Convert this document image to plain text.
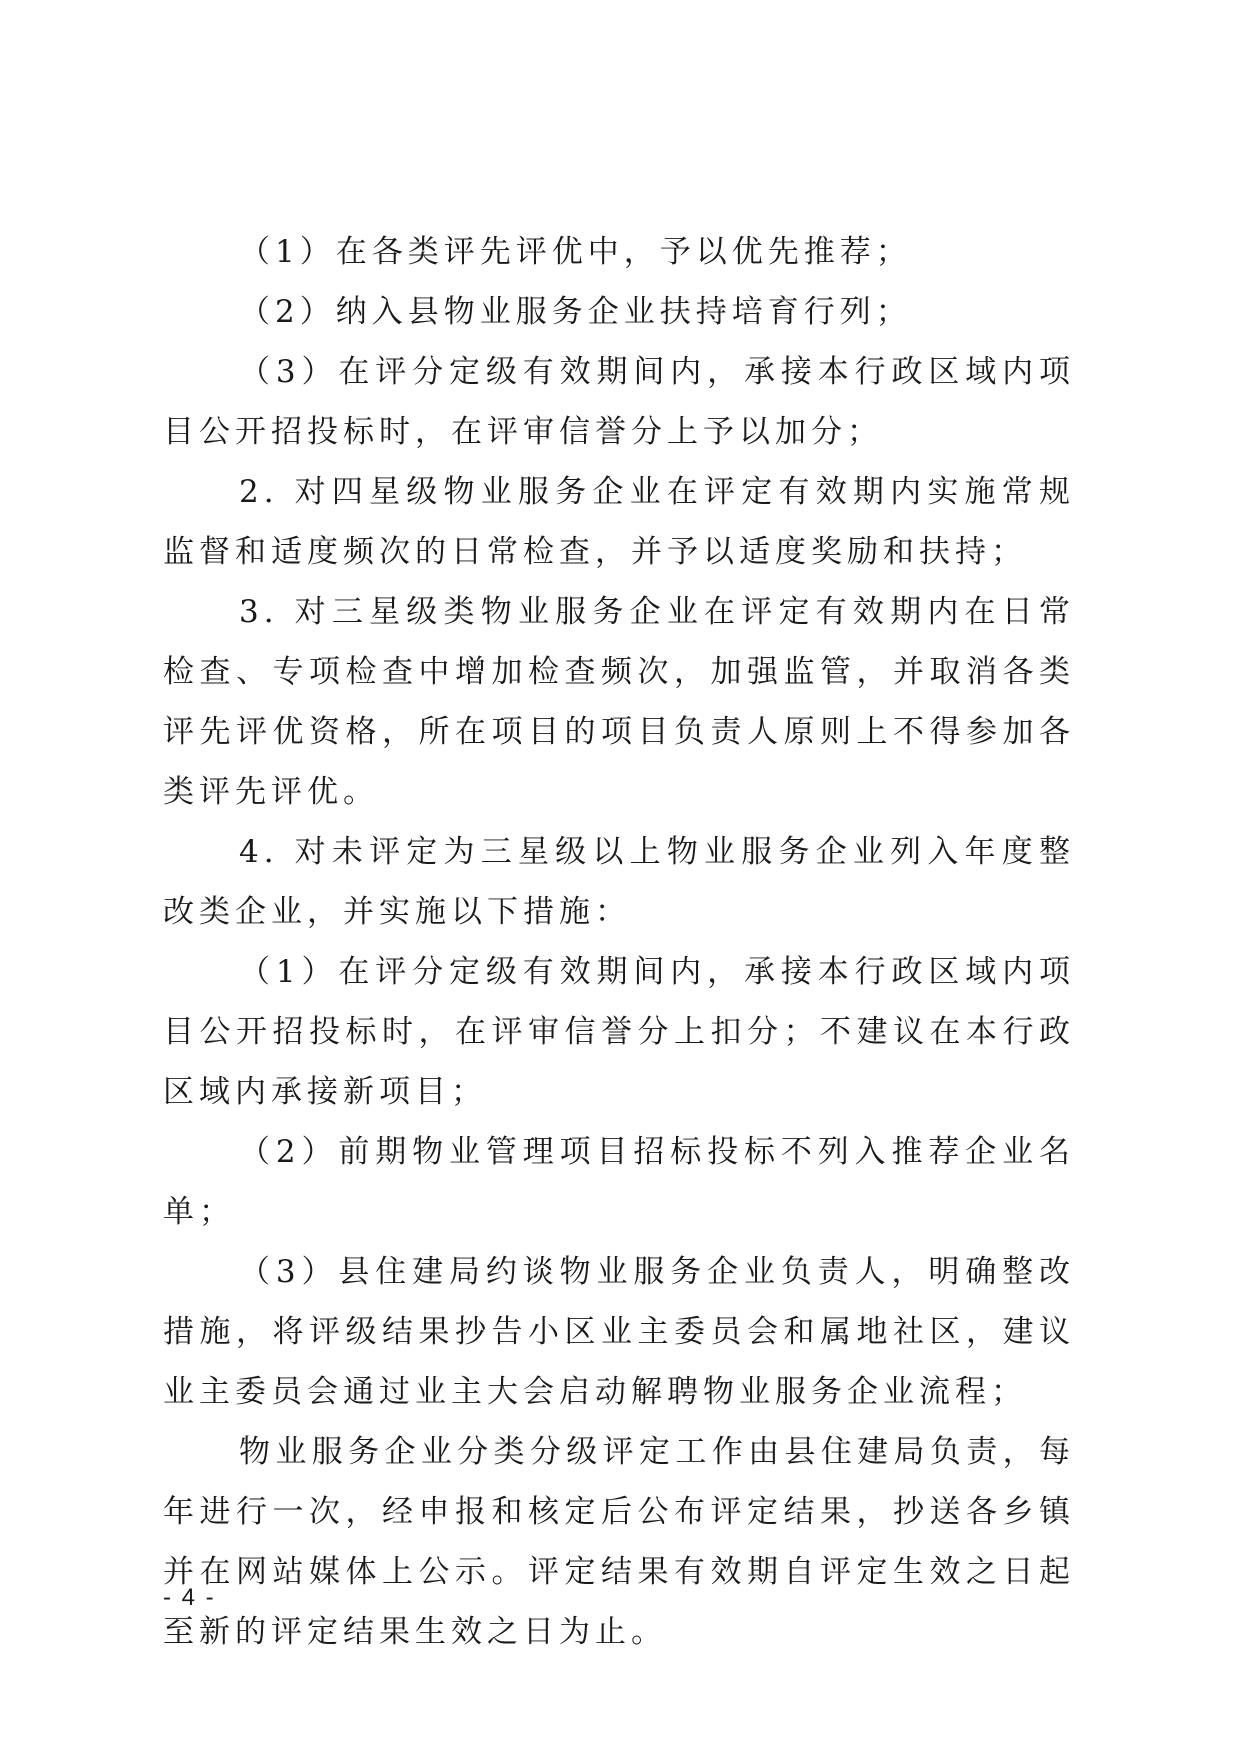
（1）在各类评先评优中，予以优先推荐；

（2）纳入县物业服务企业扶持培育行列；

（3）在评分定级有效期间内，承接本行政区域内项目公开招投标时，在评审信誉分上予以加分；

2. 对四星级物业服务企业在评定有效期内实施常规监督和适度频次的日常检查，并予以适度奖励和扶持；

3. 对三星级类物业服务企业在评定有效期内在日常检查、专项检查中增加检查频次，加强监管，并取消各类评先评优资格，所在项目的项目负责人原则上不得参加各类评先评优。

4. 对未评定为三星级以上物业服务企业列入年度整改类企业，并实施以下措施：

（1）在评分定级有效期间内，承接本行政区域内项目公开招投标时，在评审信誉分上扣分；不建议在本行政区域内承接新项目；

（2）前期物业管理项目招标投标不列入推荐企业名单；

（3）县住建局约谈物业服务企业负责人，明确整改措施，将评级结果抄告小区业主委员会和属地社区，建议业主委员会通过业主大会启动解聘物业服务企业流程；

物业服务企业分类分级评定工作由县住建局负责，每年进行一次，经申报和核定后公布评定结果，抄送各乡镇并在网站媒体上公示。评定结果有效期自评定生效之日起至新的评定结果生效之日为止。

- 4 -
